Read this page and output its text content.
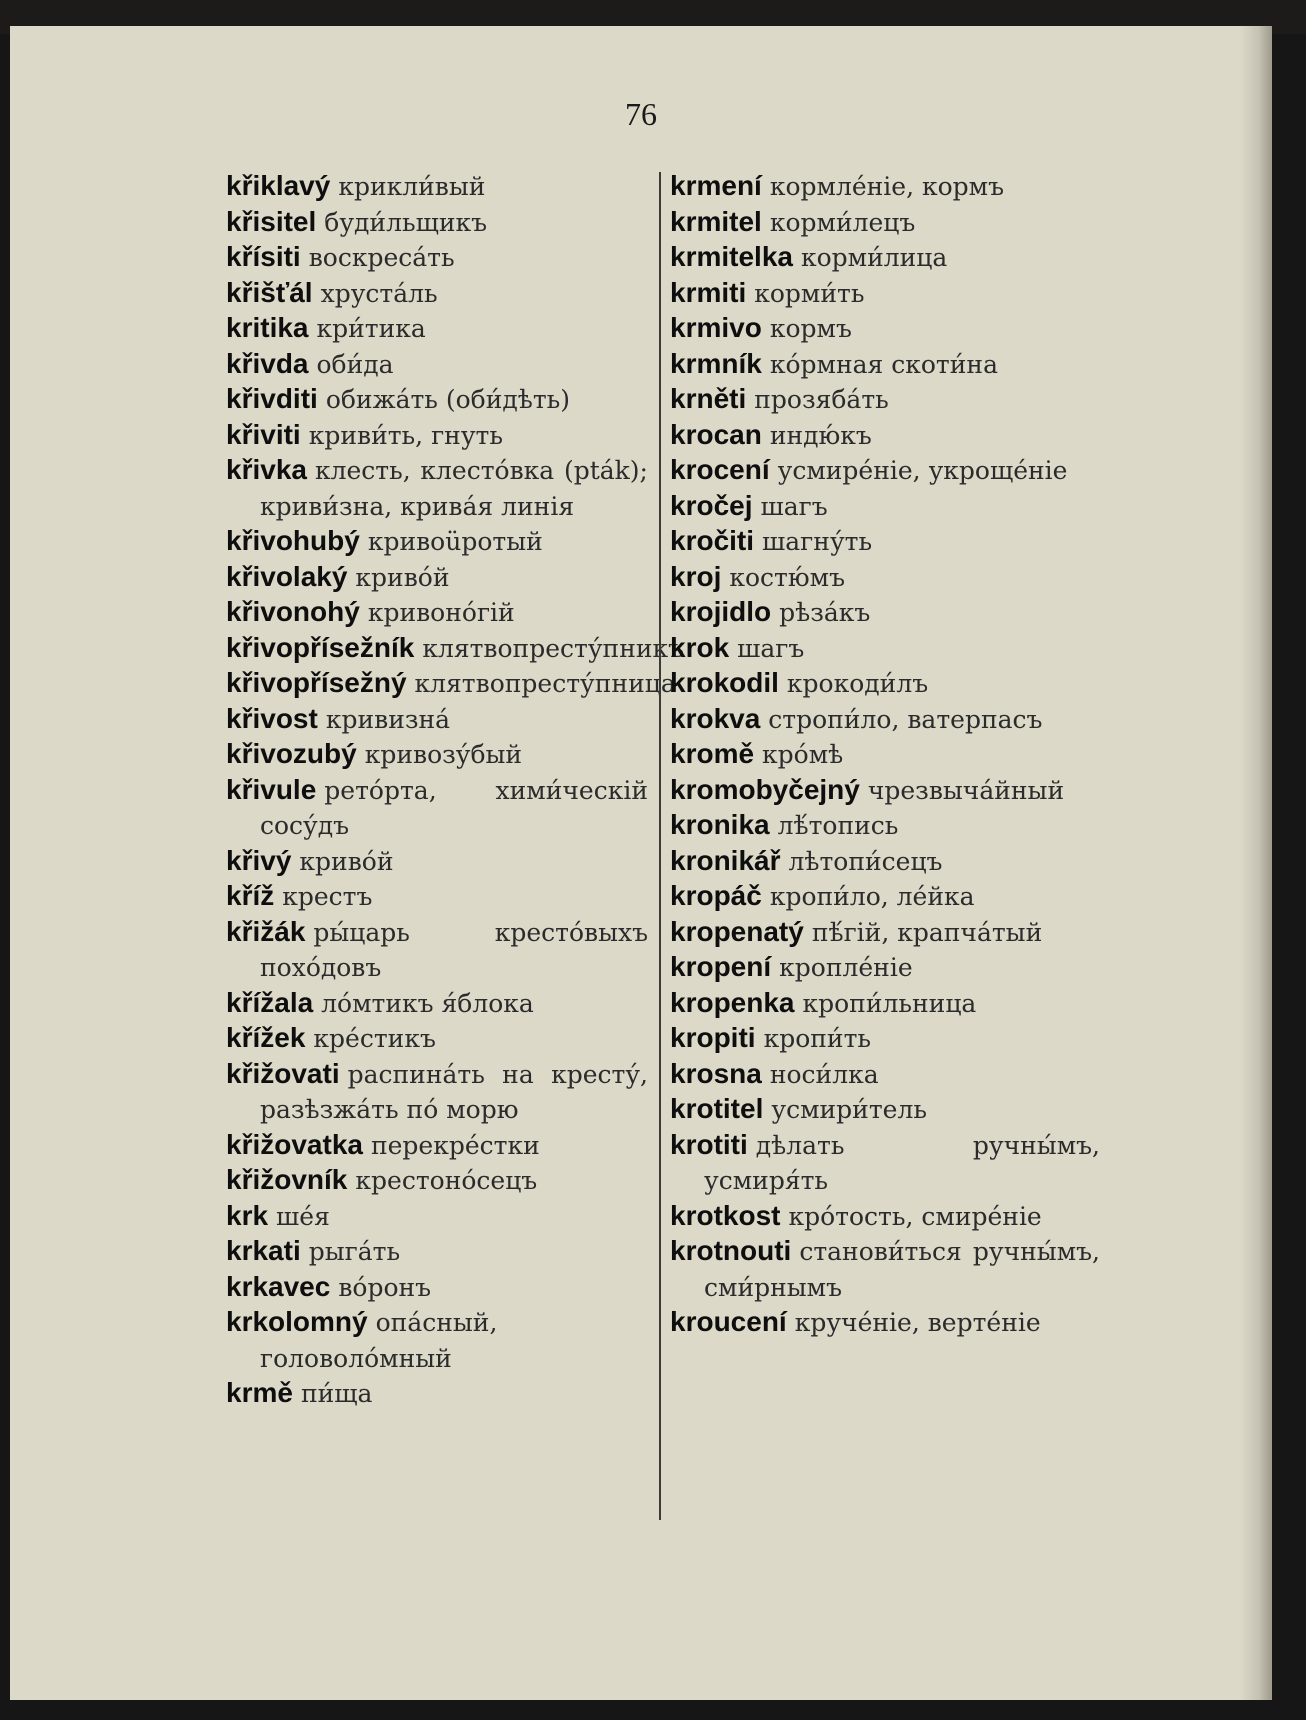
76
křiklavý крикли́вый
křisitel буди́льщикъ
křísiti воскреса́ть
křišťál хруста́ль
kritika кри́тика
křivda оби́да
křivditi обижа́ть (оби́дѣть)
křiviti криви́ть, гнуть
křivka клесть, клесто́вка (pták); криви́зна, крива́я линія
křivohubý кривоüротый
křivolaký криво́й
křivonohý кривоно́гій
křivopřísežník клятвопресту́пникъ
křivopřísežný клятвопресту́пница
křivost кривизна́
křivozubý кривозу́бый
křivule рето́рта, хими́ческій сосу́дъ
křivý криво́й
kříž крестъ
křižák ры́царь кресто́выхъ похо́довъ
křížala ло́мтикъ я́блока
křížek кре́стикъ
křižovati распина́ть на кресту́, разѣзжа́ть по́ морю
křižovatka перекре́стки
křižovník крестоно́сецъ
krk ше́я
krkati рыга́ть
krkavec во́ронъ
krkolomný опа́сный, головоло́мный
krmě пи́ща
krmení кормле́ніе, кормъ
krmitel корми́лецъ
krmitelka корми́лица
krmiti корми́ть
krmivo кормъ
krmník ко́рмная скоти́на
krněti прозяба́ть
krocan индю́къ
krocení усмире́ніе, укроще́ніе
kročej шагъ
kročiti шагну́ть
kroj костю́мъ
krojidlo рѣза́къ
krok шагъ
krokodil крокоди́лъ
krokva стропи́ло, ватерпасъ
kromě кро́мѣ
kromobyčejný чрезвыча́йный
kronika лѣ́топись
kronikář лѣтопи́сецъ
kropáč кропи́ло, ле́йка
kropenatý пѣ́гій, крапча́тый
kropení кропле́ніе
kropenka кропи́льница
kropiti кропи́ть
krosna носи́лка
krotitel усмири́тель
krotiti дѣлать ручны́мъ, усмиря́ть
krotkost кро́тость, смире́ніе
krotnouti станови́ться ручны́мъ, сми́рнымъ
kroucení круче́ніе, верте́ніе
